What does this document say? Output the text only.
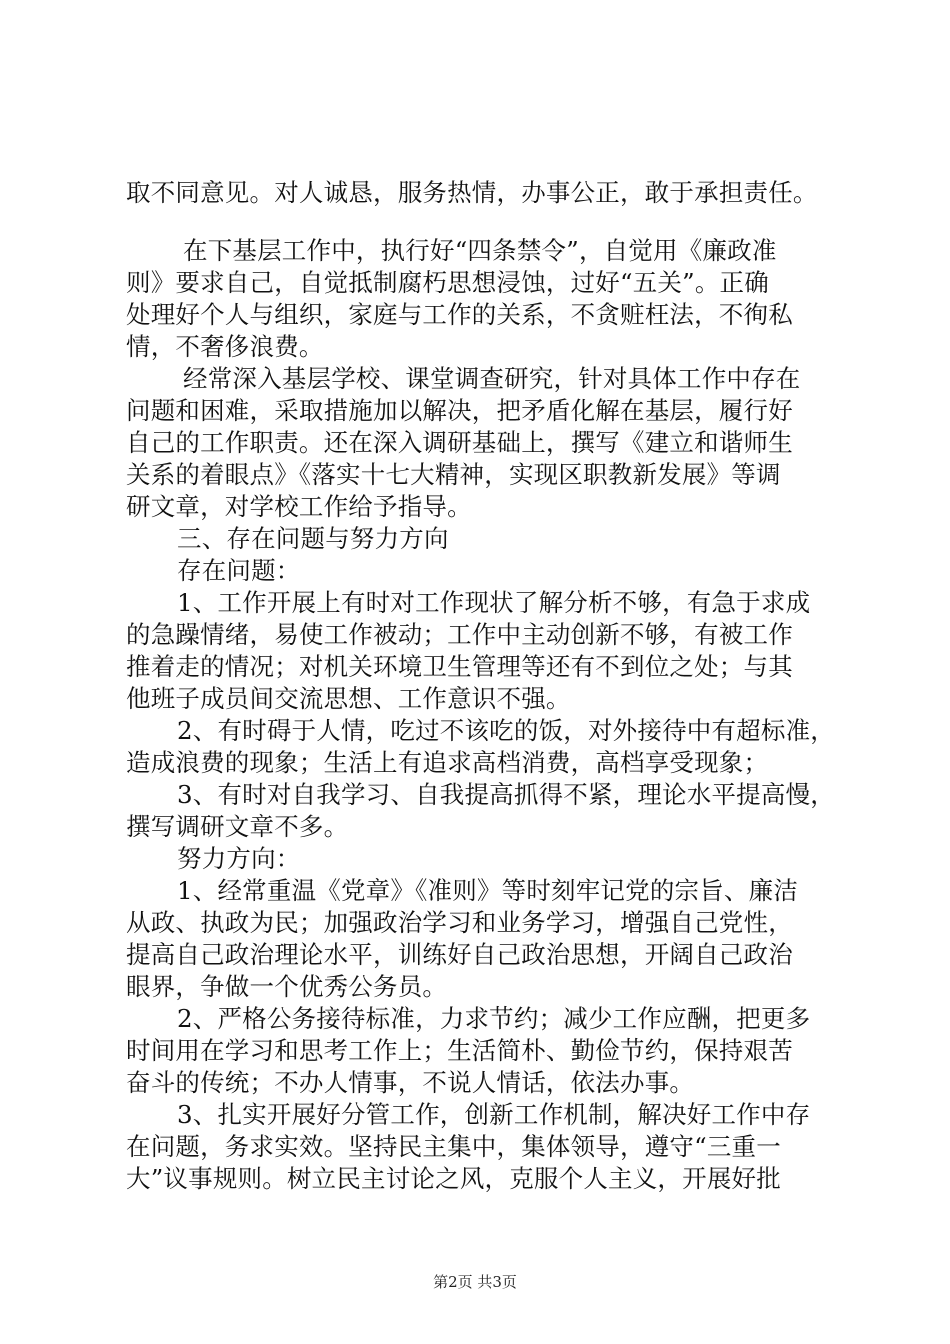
取不同意见。对人诚恳，服务热情，办事公正，敢于承担责任。
在下基层工作中，执行好“四条禁令”，自觉用《廉政准
则》要求自己，自觉抵制腐朽思想浸蚀，过好“五关”。正确
处理好个人与组织，家庭与工作的关系，不贪赃枉法，不徇私
情，不奢侈浪费。
经常深入基层学校、课堂调查研究，针对具体工作中存在
问题和困难，采取措施加以解决，把矛盾化解在基层，履行好
自己的工作职责。还在深入调研基础上，撰写《建立和谐师生
关系的着眼点》《落实十七大精神，实现区职教新发展》等调
研文章，对学校工作给予指导。
三、存在问题与努力方向
存在问题：
1、工作开展上有时对工作现状了解分析不够，有急于求成
的急躁情绪，易使工作被动；工作中主动创新不够，有被工作
推着走的情况；对机关环境卫生管理等还有不到位之处；与其
他班子成员间交流思想、工作意识不强。
2、有时碍于人情，吃过不该吃的饭，对外接待中有超标准，
造成浪费的现象；生活上有追求高档消费，高档享受现象；
3、有时对自我学习、自我提高抓得不紧，理论水平提高慢，
撰写调研文章不多。
努力方向：
1、经常重温《党章》《准则》等时刻牢记党的宗旨、廉洁
从政、执政为民；加强政治学习和业务学习，增强自己党性，
提高自己政治理论水平，训练好自己政治思想，开阔自己政治
眼界，争做一个优秀公务员。
2、严格公务接待标准，力求节约；减少工作应酬，把更多
时间用在学习和思考工作上；生活简朴、勤俭节约，保持艰苦
奋斗的传统；不办人情事，不说人情话，依法办事。
3、扎实开展好分管工作，创新工作机制，解决好工作中存
在问题，务求实效。坚持民主集中，集体领导，遵守“三重一
大”议事规则。树立民主讨论之风，克服个人主义，开展好批
第2页 共3页
